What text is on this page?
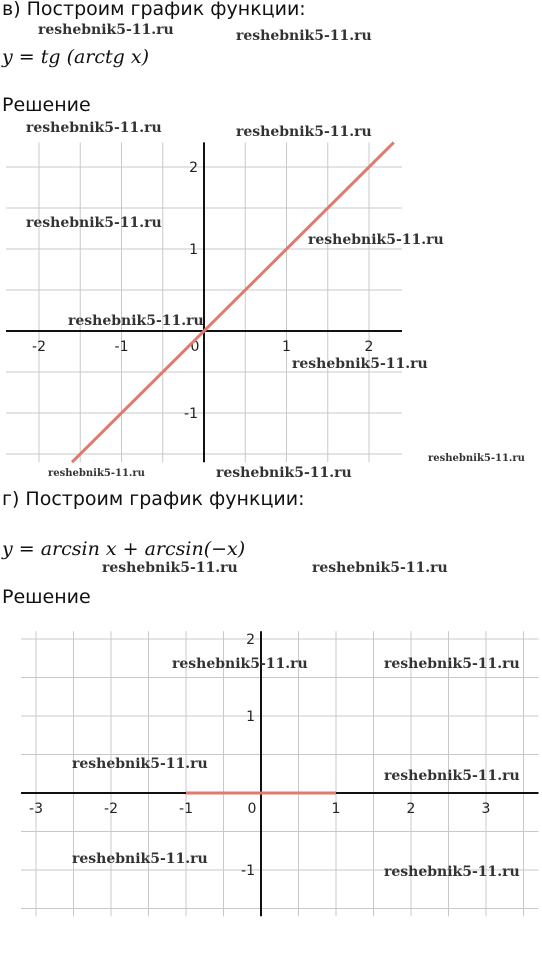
в) Построим график функции:
y = tg (arctg x)
Решение
-2	-1	0	1	2
2
1
-1
г) Построим график функции:
y = arcsin x + arcsin(−x)
Решение
-3	-2	-1	0	1	2	3
2
1
-1
reshebnik5-11.ru	reshebnik5-11.ru
reshebnik5-11.ru	reshebnik5-11.ru
reshebnik5-11.ru
reshebnik5-11.ru
reshebnik5-11.ru
reshebnik5-11.ru
reshebnik5-11.ru	reshebnik5-11.ru
reshebnik5-11.ru
reshebnik5-11.ru	reshebnik5-11.ru
reshebnik5-11.ru	reshebnik5-11.ru
reshebnik5-11.ru
reshebnik5-11.ru
reshebnik5-11.ru
reshebnik5-11.ru
